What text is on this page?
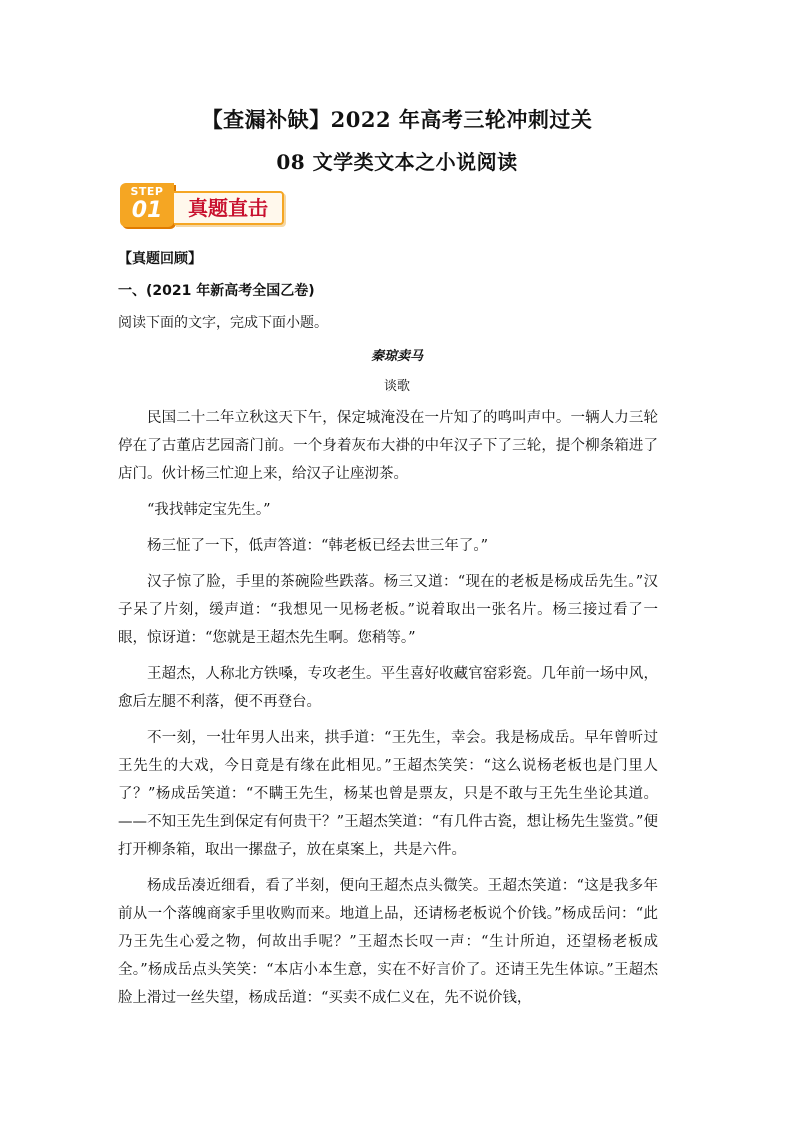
【查漏补缺】2022 年高考三轮冲刺过关
08 文学类文本之小说阅读
STEP
01	真题直击
【真题回顾】
一、(2021 年新高考全国乙卷)
阅读下面的文字，完成下面小题。
秦琼卖马
谈歌

民国二十二年立秋这天下午，保定城淹没在一片知了的鸣叫声中。一辆人力三轮停在了古董店艺园斋门前。一个身着灰布大褂的中年汉子下了三轮，提个柳条箱进了店门。伙计杨三忙迎上来，给汉子让座沏茶。

“我找韩定宝先生。”

杨三怔了一下，低声答道：“韩老板已经去世三年了。”

汉子惊了脸，手里的茶碗险些跌落。杨三又道：“现在的老板是杨成岳先生。”汉子呆了片刻，缓声道：“我想见一见杨老板。”说着取出一张名片。杨三接过看了一眼，惊讶道：“您就是王超杰先生啊。您稍等。”

王超杰，人称北方铁嗓，专攻老生。平生喜好收藏官窑彩瓷。几年前一场中风，愈后左腿不利落，便不再登台。

不一刻，一壮年男人出来，拱手道：“王先生，幸会。我是杨成岳。早年曾听过王先生的大戏，今日竟是有缘在此相见。”王超杰笑笑：“这么说杨老板也是门里人了？”杨成岳笑道：“不瞒王先生，杨某也曾是票友，只是不敢与王先生坐论其道。——不知王先生到保定有何贵干？”王超杰笑道：“有几件古瓷，想让杨先生鉴赏。”便打开柳条箱，取出一摞盘子，放在桌案上，共是六件。

杨成岳凑近细看，看了半刻，便向王超杰点头微笑。王超杰笑道：“这是我多年前从一个落魄商家手里收购而来。地道上品，还请杨老板说个价钱。”杨成岳问：“此乃王先生心爱之物，何故出手呢？”王超杰长叹一声：“生计所迫，还望杨老板成全。”杨成岳点头笑笑：“本店小本生意，实在不好言价了。还请王先生体谅。”王超杰脸上滑过一丝失望，杨成岳道：“买卖不成仁义在，先不说价钱，
